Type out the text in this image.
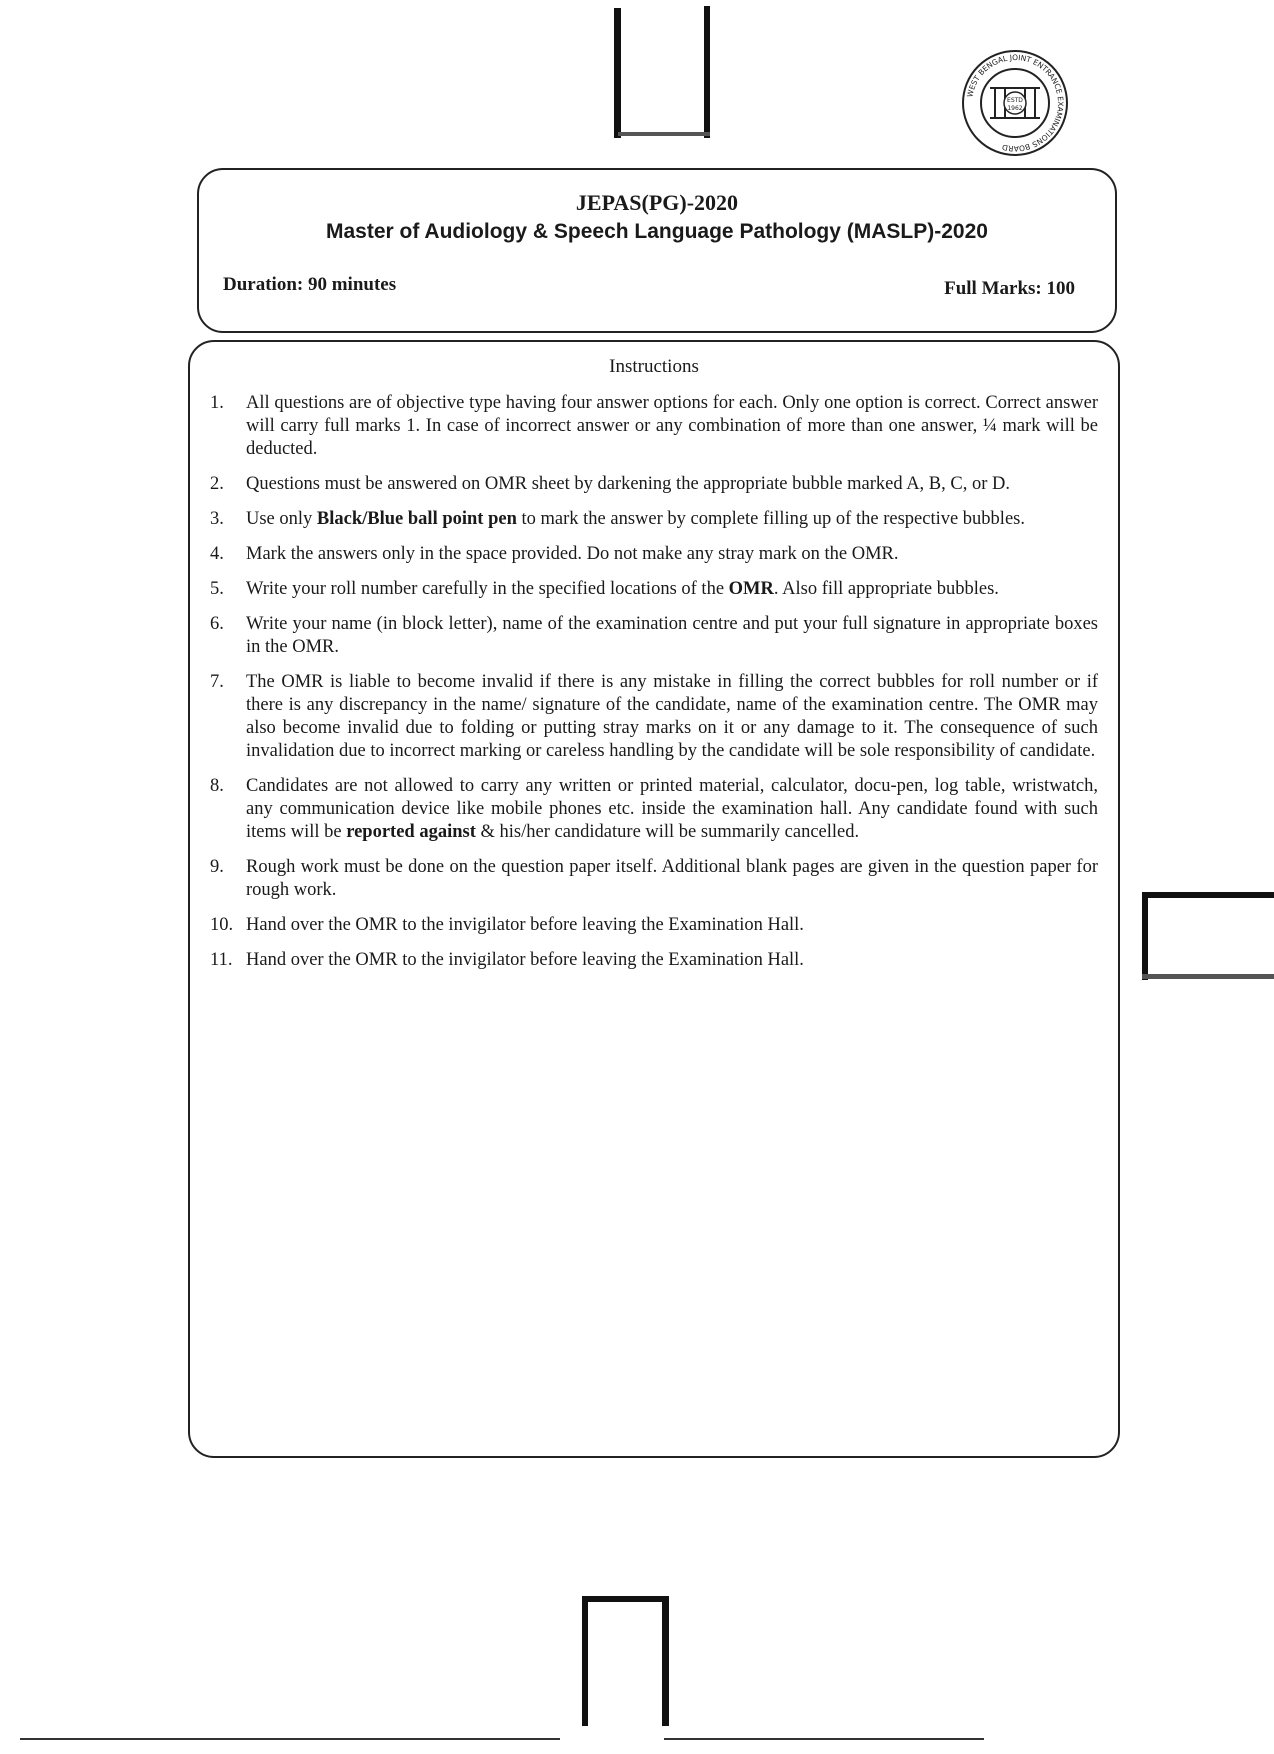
WEST BENGAL JOINT ENTRANCE EXAMINATIONS BOARD
ESTD
1962
JEPAS(PG)-2020
Master of Audiology & Speech Language Pathology (MASLP)-2020
Duration: 90 minutes	Full Marks: 100
Instructions
1.	All questions are of objective type having four answer options for each. Only one option is correct. Correct answer will carry full marks 1. In case of incorrect answer or any combination of more than one answer, ¼ mark will be deducted.
2.	Questions must be answered on OMR sheet by darkening the appropriate bubble marked A, B, C, or D.
3.	Use only Black/Blue ball point pen to mark the answer by complete filling up of the respective bubbles.
4.	Mark the answers only in the space provided. Do not make any stray mark on the OMR.
5.	Write your roll number carefully in the specified locations of the OMR. Also fill appropriate bubbles.
6.	Write your name (in block letter), name of the examination centre and put your full signature in appropriate boxes in the OMR.
7.	The OMR is liable to become invalid if there is any mistake in filling the correct bubbles for roll number or if there is any discrepancy in the name/ signature of the candidate, name of the examination centre. The OMR may also become invalid due to folding or putting stray marks on it or any damage to it. The consequence of such invalidation due to incorrect marking or careless handling by the candidate will be sole responsibility of candidate.
8.	Candidates are not allowed to carry any written or printed material, calculator, docu-pen, log table, wristwatch, any communication device like mobile phones etc. inside the examination hall. Any candidate found with such items will be reported against & his/her candidature will be summarily cancelled.
9.	Rough work must be done on the question paper itself. Additional blank pages are given in the question paper for rough work.
10. Hand over the OMR to the invigilator before leaving the Examination Hall.
11. Hand over the OMR to the invigilator before leaving the Examination Hall.
